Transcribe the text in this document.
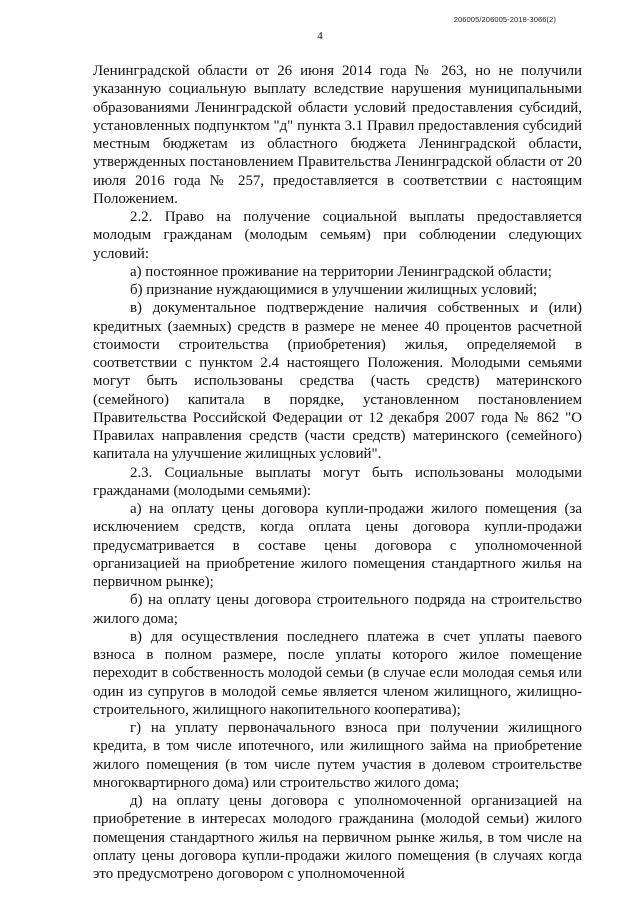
206005/206005-2018-3066(2)
4

Ленинградской области от 26 июня 2014 года № 263, но не получили указанную социальную выплату вследствие нарушения муниципальными образованиями Ленинградской области условий предоставления субсидий, установленных подпунктом "д" пункта 3.1 Правил предоставления субсидий местным бюджетам из областного бюджета Ленинградской области, утвержденных постановлением Правительства Ленинградской области от 20 июля 2016 года № 257, предоставляется в соответствии с настоящим Положением.

2.2. Право на получение социальной выплаты предоставляется молодым гражданам (молодым семьям) при соблюдении следующих условий:

а) постоянное проживание на территории Ленинградской области;

б) признание нуждающимися в улучшении жилищных условий;

в) документальное подтверждение наличия собственных и (или) кредитных (заемных) средств в размере не менее 40 процентов расчетной стоимости строительства (приобретения) жилья, определяемой в соответствии с пунктом 2.4 настоящего Положения. Молодыми семьями могут быть использованы средства (часть средств) материнского (семейного) капитала в порядке, установленном постановлением Правительства Российской Федерации от 12 декабря 2007 года № 862 "О Правилах направления средств (части средств) материнского (семейного) капитала на улучшение жилищных условий".

2.3. Социальные выплаты могут быть использованы молодыми гражданами (молодыми семьями):

а) на оплату цены договора купли-продажи жилого помещения (за исключением средств, когда оплата цены договора купли-продажи предусматривается в составе цены договора с уполномоченной организацией на приобретение жилого помещения стандартного жилья на первичном рынке);

б) на оплату цены договора строительного подряда на строительство жилого дома;

в) для осуществления последнего платежа в счет уплаты паевого взноса в полном размере, после уплаты которого жилое помещение переходит в собственность молодой семьи (в случае если молодая семья или один из супругов в молодой семье является членом жилищного, жилищно-строительного, жилищного накопительного кооператива);

г) на уплату первоначального взноса при получении жилищного кредита, в том числе ипотечного, или жилищного займа на приобретение жилого помещения (в том числе путем участия в долевом строительстве многоквартирного дома) или строительство жилого дома;

д) на оплату цены договора с уполномоченной организацией на приобретение в интересах молодого гражданина (молодой семьи) жилого помещения стандартного жилья на первичном рынке жилья, в том числе на оплату цены договора купли-продажи жилого помещения (в случаях когда это предусмотрено договором с уполномоченной
